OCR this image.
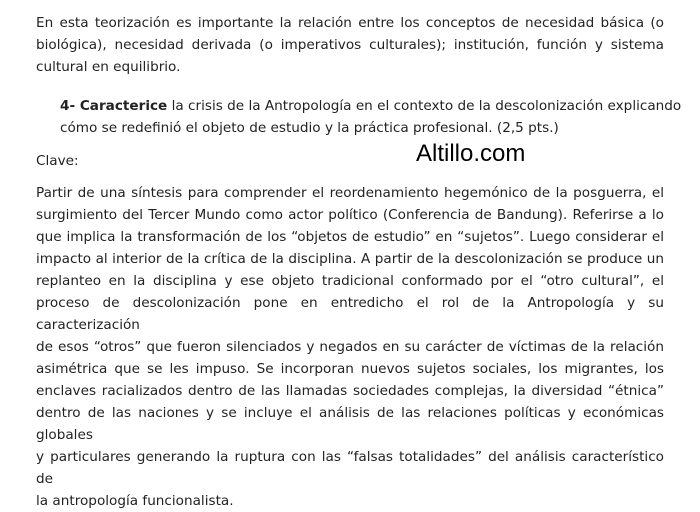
En esta teorización es importante la relación entre los conceptos de necesidad básica (o
biológica), necesidad derivada (o imperativos culturales); institución, función y sistema
cultural en equilibrio.
4- Caracterice la crisis de la Antropología en el contexto de la descolonización explicando
cómo se redefinió el objeto de estudio y la práctica profesional. (2,5 pts.)
Clave:	Altillo.com
Partir de una síntesis para comprender el reordenamiento hegemónico de la posguerra, el
surgimiento del Tercer Mundo como actor político (Conferencia de Bandung). Referirse a lo
que implica la transformación de los “objetos de estudio” en “sujetos”. Luego considerar el
impacto al interior de la crítica de la disciplina. A partir de la descolonización se produce un
replanteo en la disciplina y ese objeto tradicional conformado por el “otro cultural”, el
proceso de descolonización pone en entredicho el rol de la Antropología y su caracterización
de esos “otros” que fueron silenciados y negados en su carácter de víctimas de la relación
asimétrica que se les impuso. Se incorporan nuevos sujetos sociales, los migrantes, los
enclaves racializados dentro de las llamadas sociedades complejas, la diversidad “étnica”
dentro de las naciones y se incluye el análisis de las relaciones políticas y económicas globales
y particulares generando la ruptura con las “falsas totalidades” del análisis característico de
la antropología funcionalista.
